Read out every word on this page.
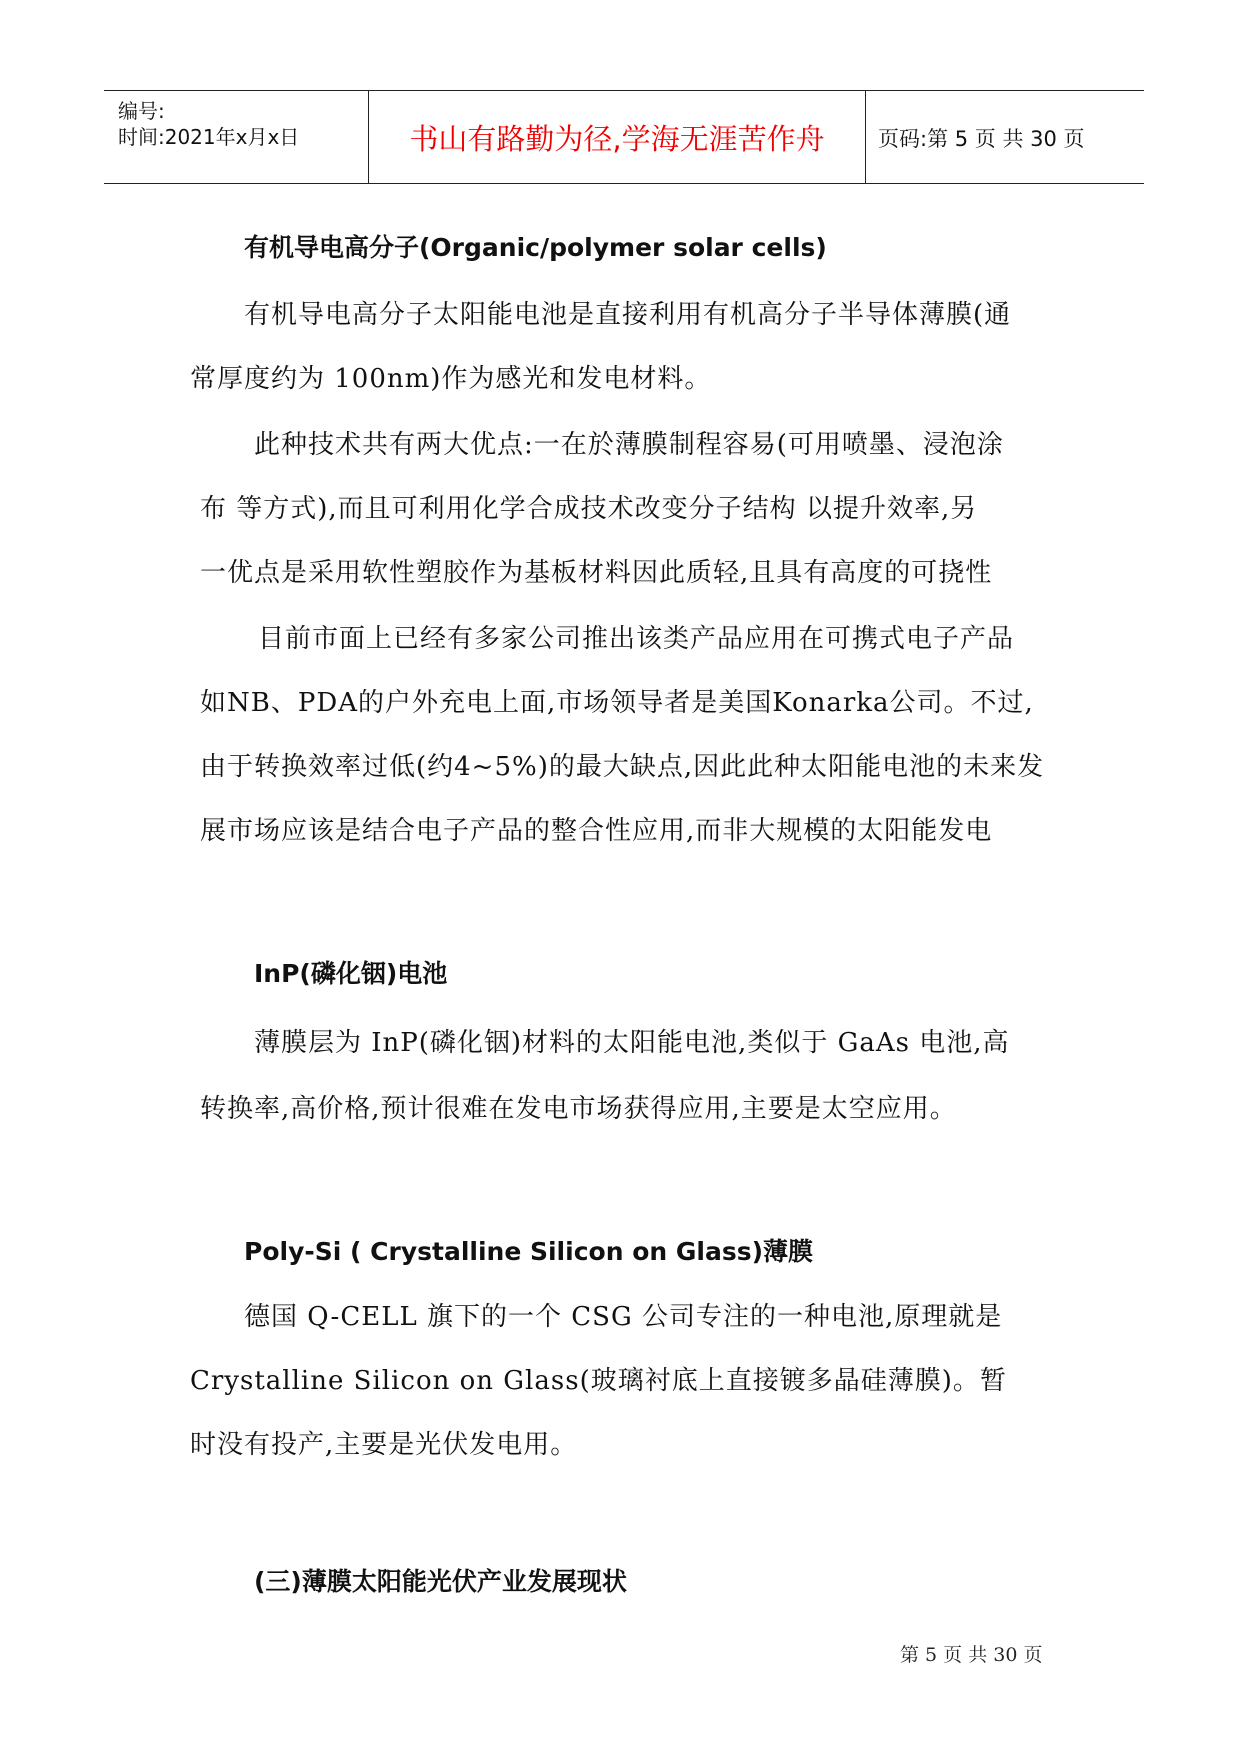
编号:
时间:2021年x月x日	书山有路勤为径,学海无涯苦作舟	页码:第 5 页 共 30 页
有机导电高分子(Organic/polymer solar cells)
有机导电高分子太阳能电池是直接利用有机高分子半导体薄膜(通
常厚度约为 100nm)作为感光和发电材料。
此种技术共有两大优点:一在於薄膜制程容易(可用喷墨、浸泡涂
布 等方式),而且可利用化学合成技术改变分子结构 以提升效率,另
一优点是采用软性塑胶作为基板材料因此质轻,且具有高度的可挠性
目前市面上已经有多家公司推出该类产品应用在可携式电子产品
如NB、PDA的户外充电上面,市场领导者是美国Konarka公司。不过,
由于转换效率过低(约4~5%)的最大缺点,因此此种太阳能电池的未来发
展市场应该是结合电子产品的整合性应用,而非大规模的太阳能发电
InP(磷化铟)电池
薄膜层为 InP(磷化铟)材料的太阳能电池,类似于 GaAs 电池,高
转换率,高价格,预计很难在发电市场获得应用,主要是太空应用。
Poly-Si ( Crystalline Silicon on Glass)薄膜
德国 Q-CELL 旗下的一个 CSG 公司专注的一种电池,原理就是
Crystalline Silicon on Glass(玻璃衬底上直接镀多晶硅薄膜)。暂
时没有投产,主要是光伏发电用。
(三)薄膜太阳能光伏产业发展现状
第 5 页 共 30 页
